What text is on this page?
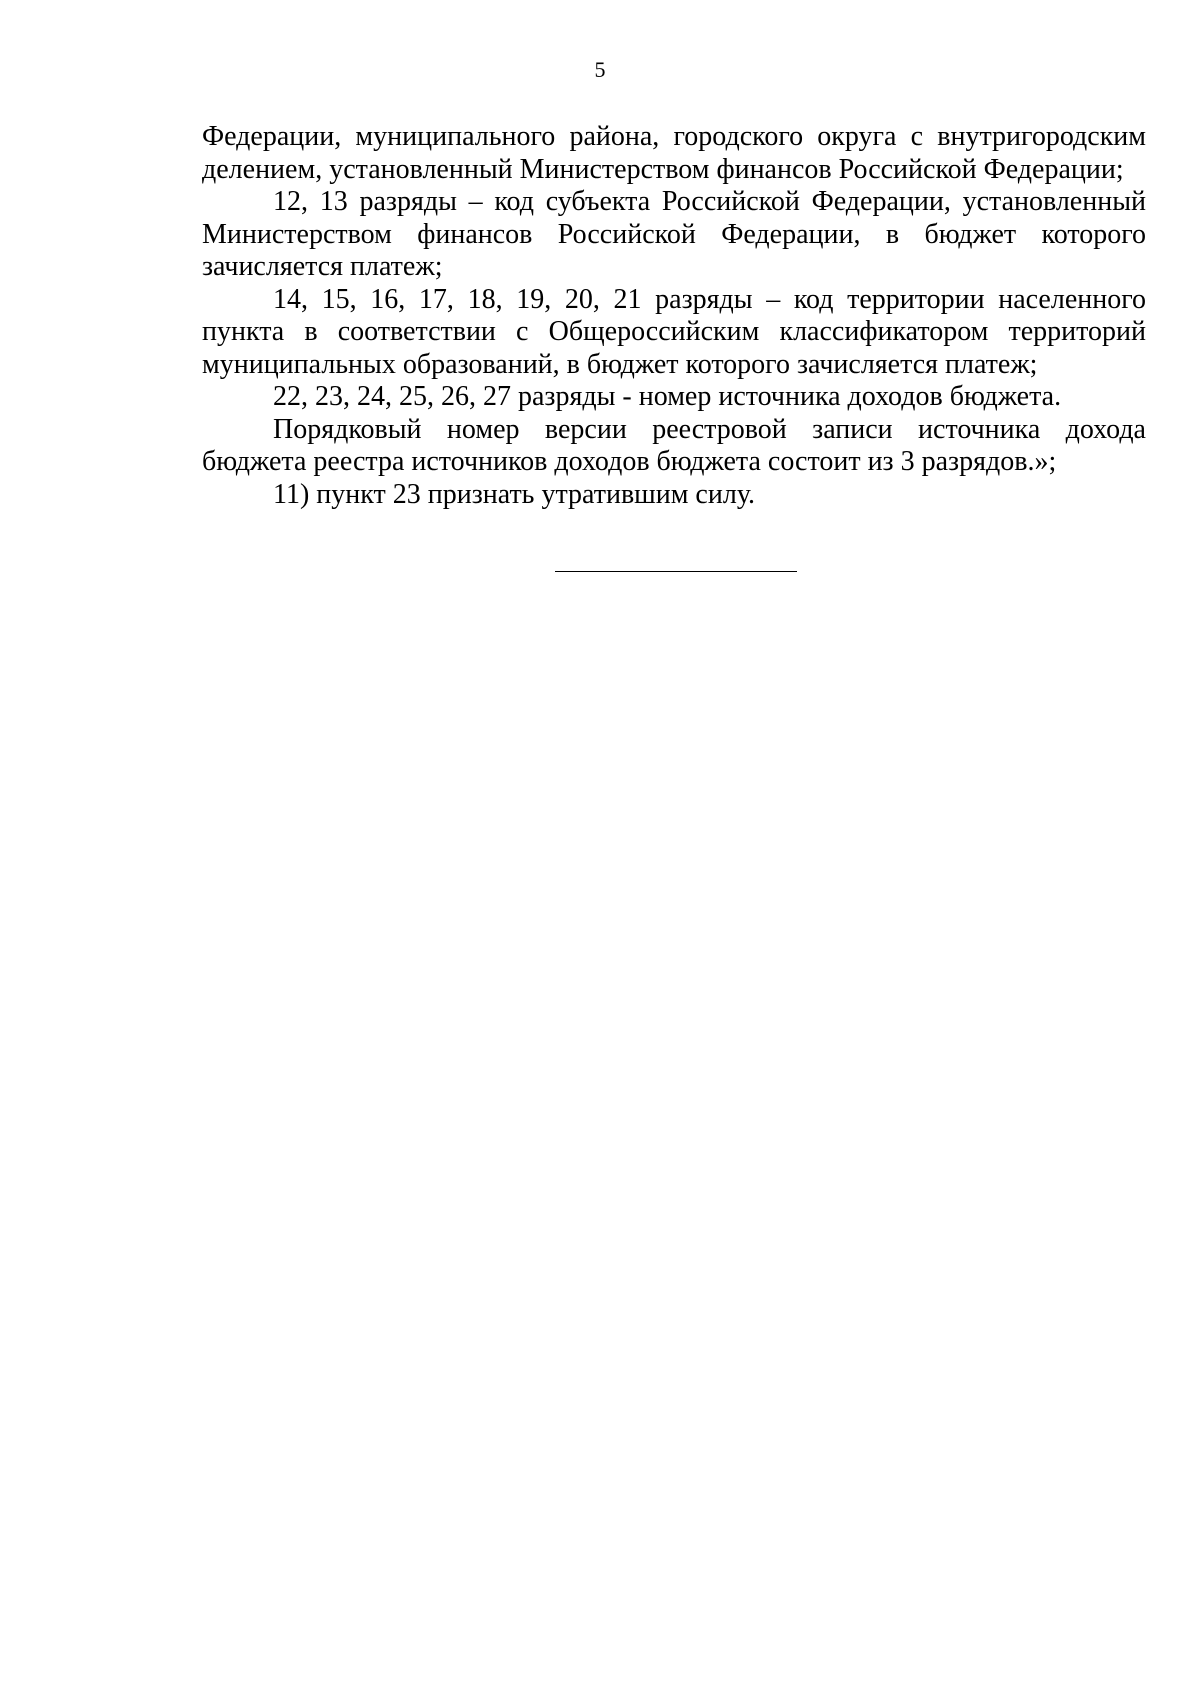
5

Федерации, муниципального района, городского округа с внутригородским делением, установленный Министерством финансов Российской Федерации;

12, 13 разряды – код субъекта Российской Федерации, установленный Министерством финансов Российской Федерации, в бюджет которого зачисляется платеж;

14, 15, 16, 17, 18, 19, 20, 21 разряды – код территории населенного пункта в соответствии с Общероссийским классификатором территорий муниципальных образований, в бюджет которого зачисляется платеж;

22, 23, 24, 25, 26, 27 разряды - номер источника доходов бюджета.

Порядковый номер версии реестровой записи источника дохода бюджета реестра источников доходов бюджета состоит из 3 разрядов.»;

11) пункт 23 признать утратившим силу.
